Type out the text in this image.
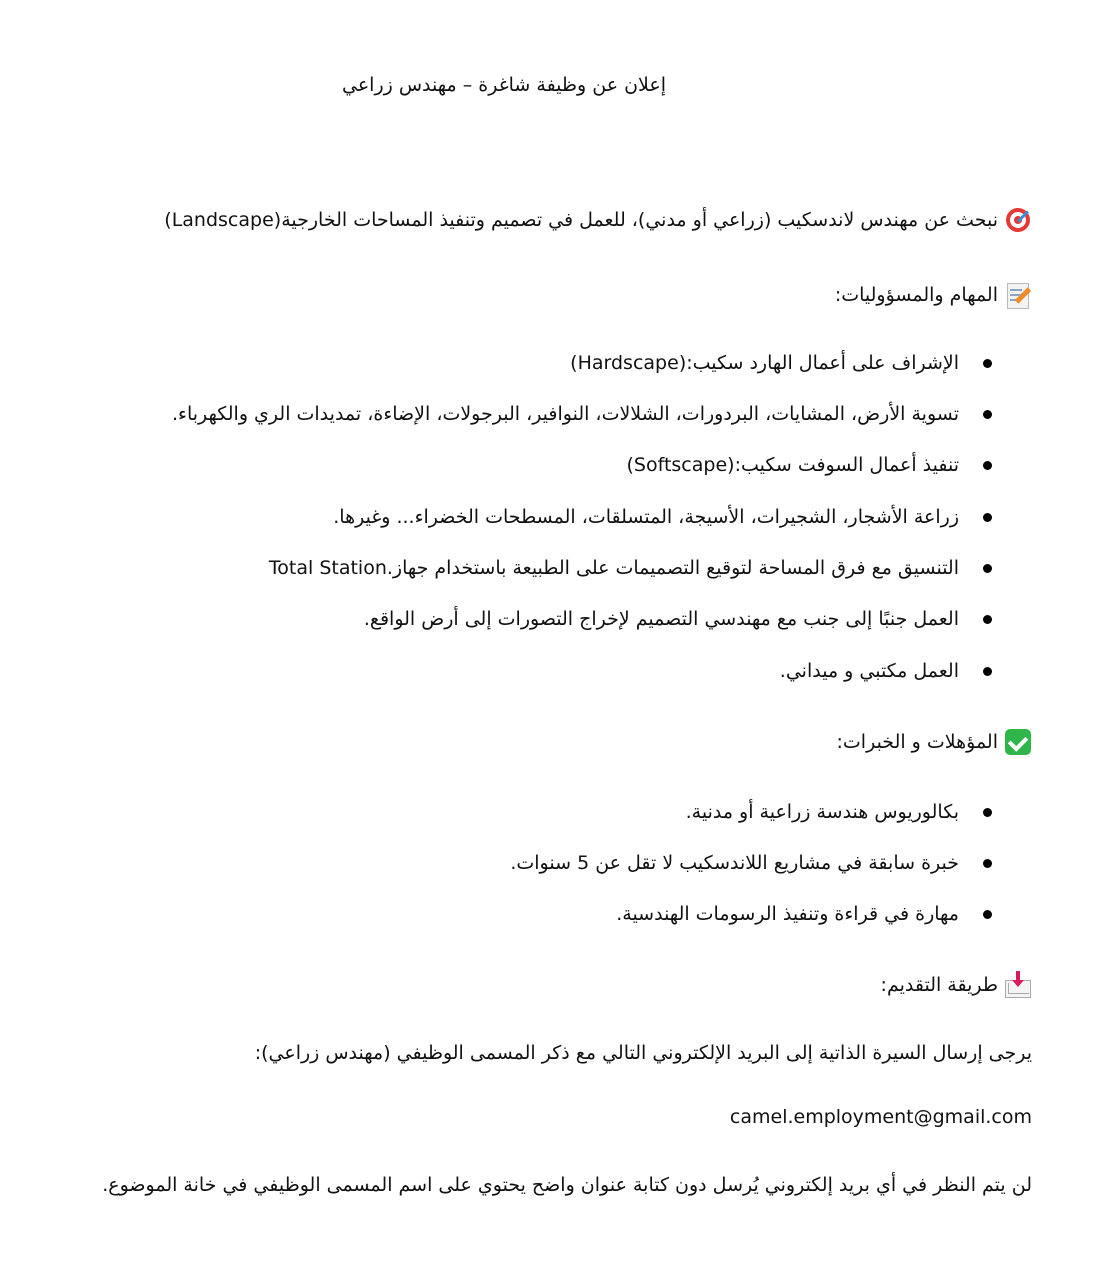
إعلان عن وظيفة شاغرة – مهندس زراعي
نبحث عن مهندس لاندسكيب (زراعي أو مدني)، للعمل في تصميم وتنفيذ المساحات الخارجية(Landscape)
المهام والمسؤوليات:
الإشراف على أعمال الهارد سكيب:(Hardscape)
تسوية الأرض، المشايات، البردورات، الشلالات، النوافير، البرجولات، الإضاءة، تمديدات الري والكهرباء.
تنفيذ أعمال السوفت سكيب:(Softscape)
زراعة الأشجار، الشجيرات، الأسيجة، المتسلقات، المسطحات الخضراء... وغيرها.
التنسيق مع فرق المساحة لتوقيع التصميمات على الطبيعة باستخدام جهاز.Total Station
العمل جنبًا إلى جنب مع مهندسي التصميم لإخراج التصورات إلى أرض الواقع.
العمل مكتبي و ميداني.
المؤهلات و الخبرات:
بكالوريوس هندسة زراعية أو مدنية.
خبرة سابقة في مشاريع اللاندسكيب لا تقل عن 5 سنوات.
مهارة في قراءة وتنفيذ الرسومات الهندسية.
طريقة التقديم:
يرجى إرسال السيرة الذاتية إلى البريد الإلكتروني التالي مع ذكر المسمى الوظيفي (مهندس زراعي):
camel.employment@gmail.com
لن يتم النظر في أي بريد إلكتروني يُرسل دون كتابة عنوان واضح يحتوي على اسم المسمى الوظيفي في خانة الموضوع.
